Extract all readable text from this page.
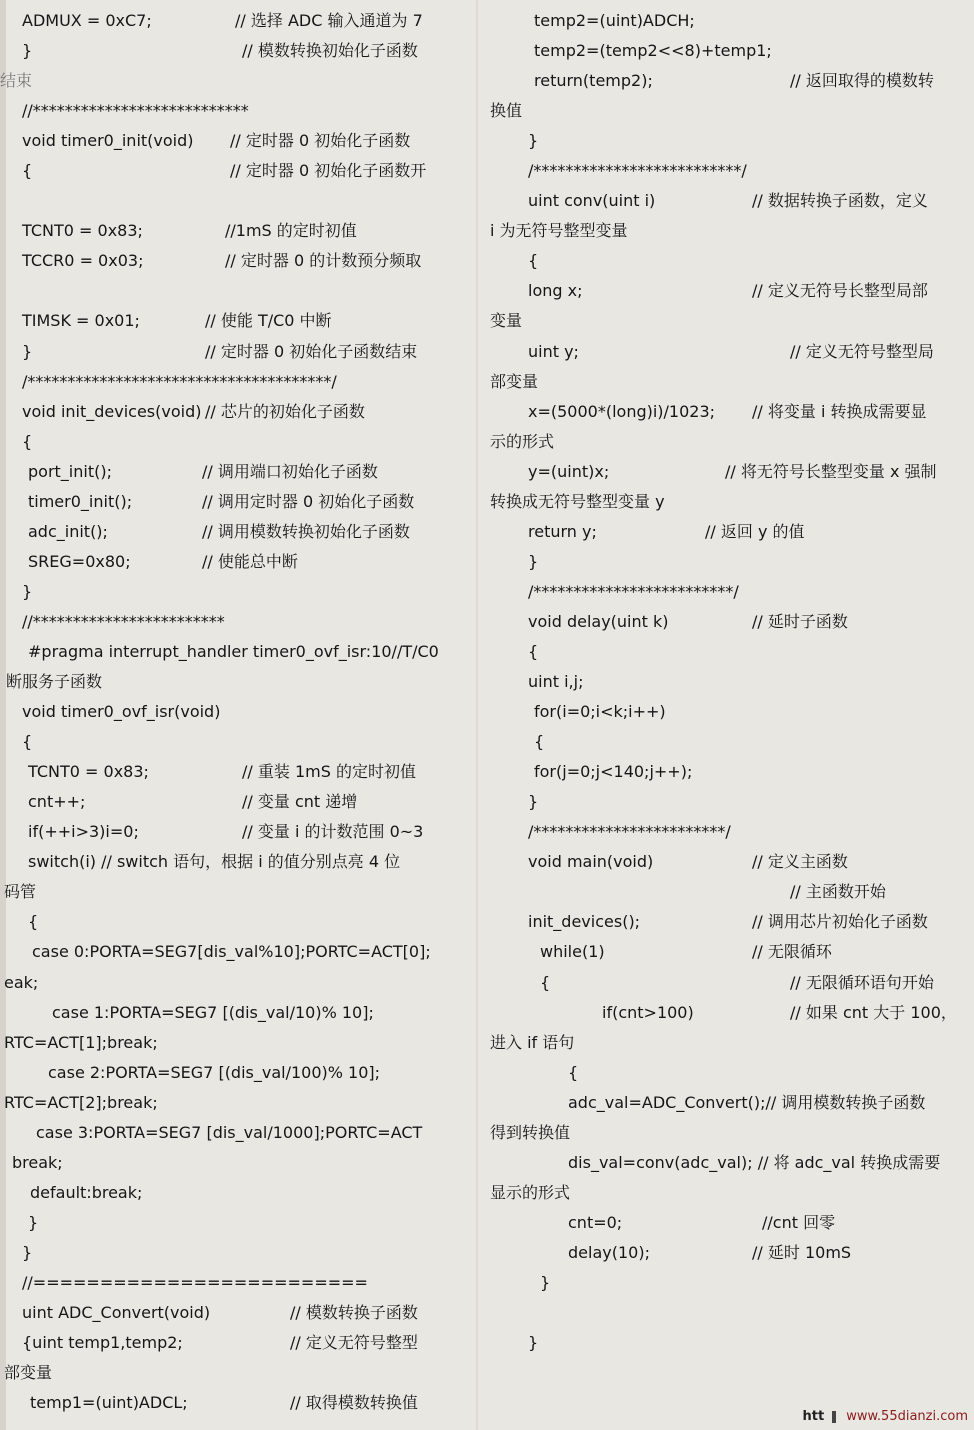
ADMUX = 0xC7;	// 选择 ADC 输入通道为 7
}	// 模数转换初始化子函数
结束
//***************************
void timer0_init(void) // 定时器 0 初始化子函数
{	// 定时器 0 初始化子函数开
TCNT0 = 0x83;	//1mS 的定时初值
TCCR0 = 0x03;	// 定时器 0 的计数预分频取
TIMSK = 0x01;	// 使能 T/C0 中断
}	// 定时器 0 初始化子函数结束
/**************************************/
void init_devices(void) // 芯片的初始化子函数
{
port_init();	// 调用端口初始化子函数
timer0_init();	// 调用定时器 0 初始化子函数
adc_init();	// 调用模数转换初始化子函数
SREG=0x80;	// 使能总中断
}
//************************
#pragma interrupt_handler timer0_ovf_isr:10//T/C0
断服务子函数
void timer0_ovf_isr(void)
{
TCNT0 = 0x83;	// 重装 1mS 的定时初值
cnt++;	// 变量 cnt 递增
if(++i>3)i=0;	// 变量 i 的计数范围 0~3
switch(i) // switch 语句，根据 i 的值分别点亮 4 位
码管
{
case 0:PORTA=SEG7[dis_val%10];PORTC=ACT[0];
eak;
case 1:PORTA=SEG7 [(dis_val/10)% 10];
RTC=ACT[1];break;
case 2:PORTA=SEG7 [(dis_val/100)% 10];
RTC=ACT[2];break;
case 3:PORTA=SEG7 [dis_val/1000];PORTC=ACT
break;
default:break;
}
}
//=========================
uint ADC_Convert(void)	// 模数转换子函数
{uint temp1,temp2;	// 定义无符号整型
部变量
temp1=(uint)ADCL;	// 取得模数转换值
temp2=(uint)ADCH;
temp2=(temp2<<8)+temp1;
return(temp2);	// 返回取得的模数转
换值
}
/**************************/
uint conv(uint i)	// 数据转换子函数，定义
i 为无符号整型变量
{
long x;	// 定义无符号长整型局部
变量
uint y;	// 定义无符号整型局
部变量
x=(5000*(long)i)/1023; // 将变量 i 转换成需要显
示的形式
y=(uint)x;	// 将无符号长整型变量 x 强制
转换成无符号整型变量 y
return y;	// 返回 y 的值
}
/*************************/
void delay(uint k)	// 延时子函数
{
uint i,j;
for(i=0;i<k;i++)
{
for(j=0;j<140;j++);
}
/************************/
void main(void)	// 定义主函数
// 主函数开始
init_devices();	// 调用芯片初始化子函数
while(1)	// 无限循环
{	// 无限循环语句开始
if(cnt>100)	// 如果 cnt 大于 100，
进入 if 语句
{
adc_val=ADC_Convert();// 调用模数转换子函数
得到转换值
dis_val=conv(adc_val); // 将 adc_val 转换成需要
显示的形式
cnt=0;	//cnt 回零
delay(10);	// 延时 10mS
}
}
htt www.55dianzi.com
